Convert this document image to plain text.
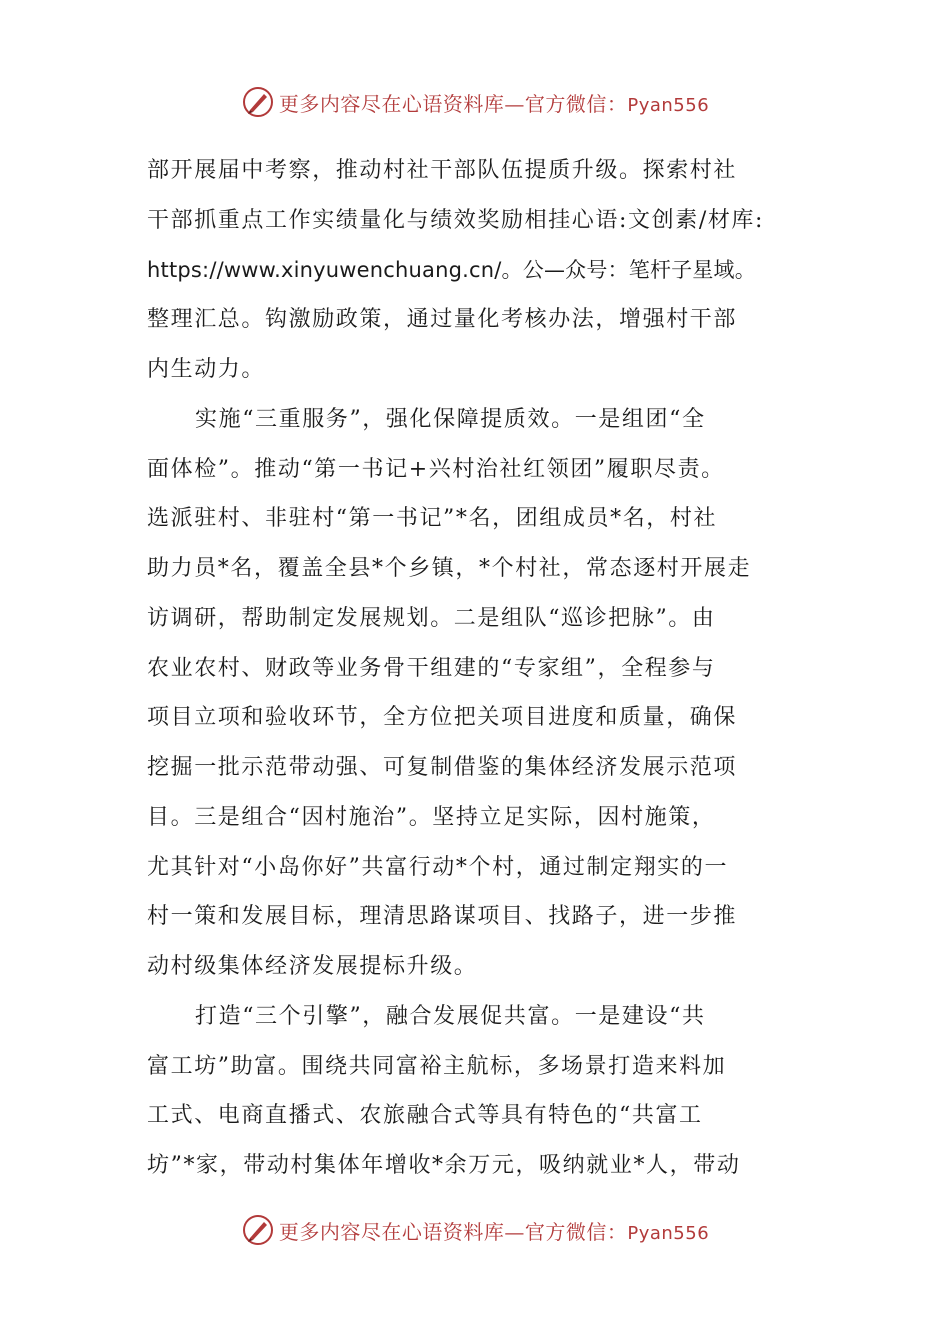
更多内容尽在心语资料库—官方微信：Pyan556
部开展届中考察，推动村社干部队伍提质升级。探索村社
干部抓重点工作实绩量化与绩效奖励相挂心语:文创素/材库:
https://www.xinyuwenchuang.cn/。公—众号：笔杆子星域。
整理汇总。钩激励政策，通过量化考核办法，增强村干部
内生动力。
实施“三重服务”，强化保障提质效。一是组团“全
面体检”。推动“第一书记+兴村治社红领团”履职尽责。
选派驻村、非驻村“第一书记”*名，团组成员*名，村社
助力员*名，覆盖全县*个乡镇，*个村社，常态逐村开展走
访调研，帮助制定发展规划。二是组队“巡诊把脉”。由
农业农村、财政等业务骨干组建的“专家组”，全程参与
项目立项和验收环节，全方位把关项目进度和质量，确保
挖掘一批示范带动强、可复制借鉴的集体经济发展示范项
目。三是组合“因村施治”。坚持立足实际，因村施策，
尤其针对“小岛你好”共富行动*个村，通过制定翔实的一
村一策和发展目标，理清思路谋项目、找路子，进一步推
动村级集体经济发展提标升级。
打造“三个引擎”，融合发展促共富。一是建设“共
富工坊”助富。围绕共同富裕主航标，多场景打造来料加
工式、电商直播式、农旅融合式等具有特色的“共富工
坊”*家，带动村集体年增收*余万元，吸纳就业*人，带动
更多内容尽在心语资料库—官方微信：Pyan556
